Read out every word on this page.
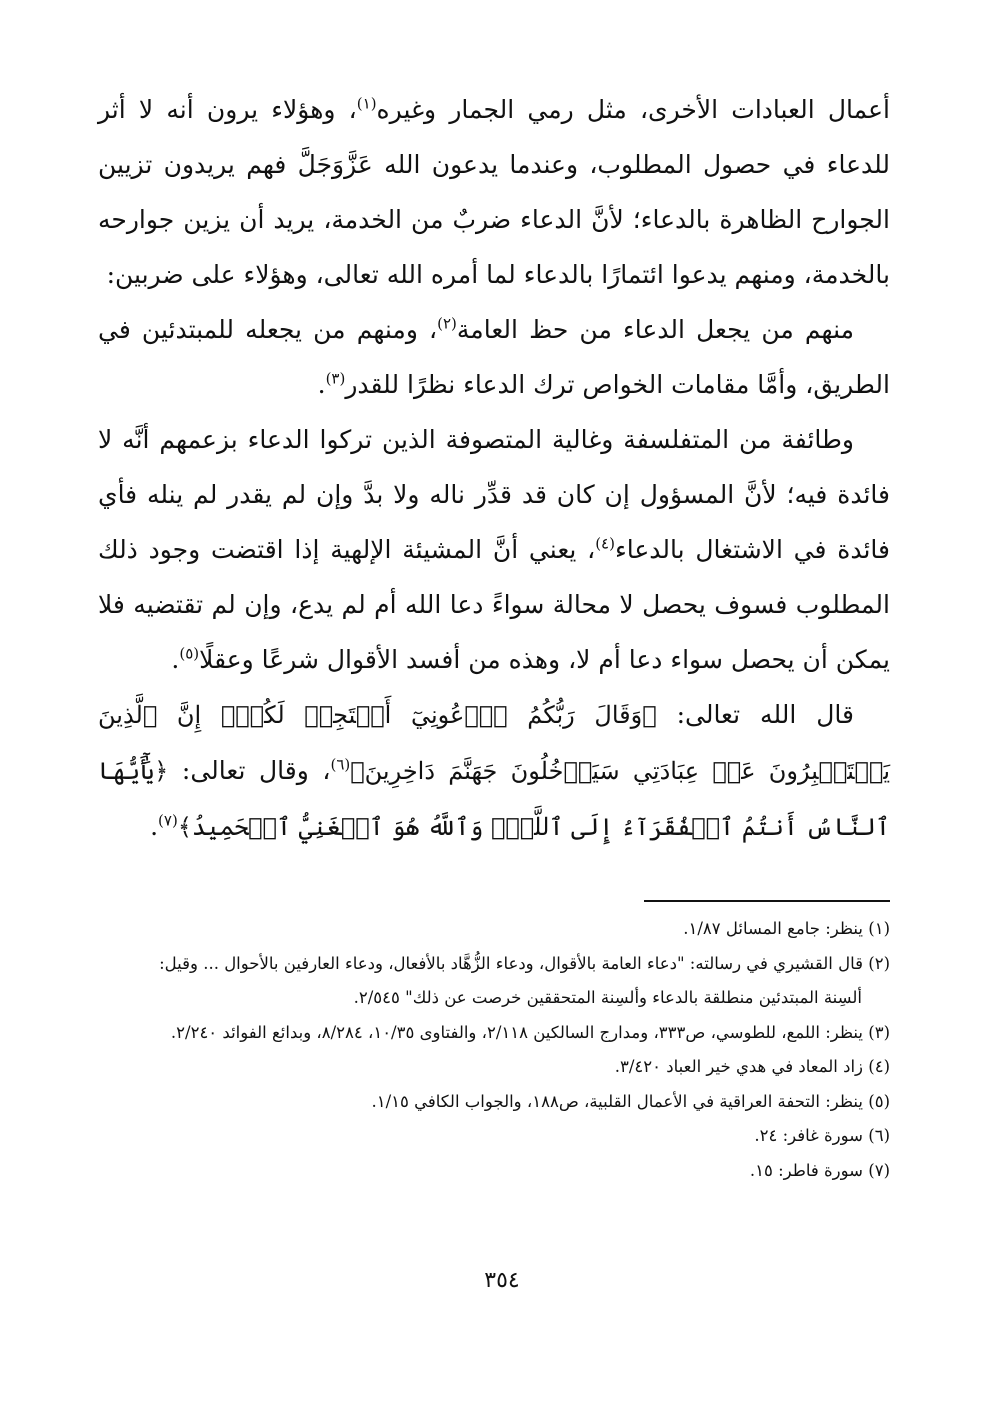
أعمال العبادات الأخرى، مثل رمي الجمار وغيره$^{(١)}$، وهؤلاء يرون أنه لا أثر للدعاء في حصول المطلوب، وعندما يدعون الله عَزَّوَجَلَّ فهم يريدون تزيين الجوارح الظاهرة بالدعاء؛ لأنَّ الدعاء ضربٌ من الخدمة، يريد أن يزين جوارحه بالخدمة، ومنهم يدعوا ائتمارًا بالدعاء لما أمره الله تعالى، وهؤلاء على ضربين:

منهم من يجعل الدعاء من حظ العامة$^{(٢)}$، ومنهم من يجعله للمبتدئين في الطريق، وأمَّا مقامات الخواص ترك الدعاء نظرًا للقدر$^{(٣)}$.

وطائفة من المتفلسفة وغالية المتصوفة الذين تركوا الدعاء بزعمهم أنَّه لا فائدة فيه؛ لأنَّ المسؤول إن كان قد قدِّر ناله ولا بدَّ وإن لم يقدر لم ينله فأي فائدة في الاشتغال بالدعاء$^{(٤)}$، يعني أنَّ المشيئة الإلهية إذا اقتضت وجود ذلك المطلوب فسوف يحصل لا محالة سواءً دعا الله أم لم يدع، وإن لم تقتضيه فلا يمكن أن يحصل سواء دعا أم لا، وهذه من أفسد الأقوال شرعًا وعقلًا$^{(٥)}$.

قال الله تعالى: ﴿وَقَالَ رَبُّكُمُ ٱدۡعُونِيٓ أَسۡتَجِبۡ لَكُمۡۚ إِنَّ ٱلَّذِينَ يَسۡتَكۡبِرُونَ عَنۡ عِبَادَتِي سَيَدۡخُلُونَ جَهَنَّمَ دَاخِرِينَ﴾$^{(٦)}$، وقال تعالى: ﴿يَٰٓأَيُّهَا ٱلنَّاسُ أَنتُمُ ٱلۡفُقَرَآءُ إِلَى ٱللَّهِۖ وَٱللَّهُ هُوَ ٱلۡغَنِيُّ ٱلۡحَمِيدُ﴾$^{(٧)}$.

(١) ينظر: جامع المسائل ١/٨٧.

(٢) قال القشيري في رسالته: "دعاء العامة بالأقوال، ودعاء الزُّهَّاد بالأفعال، ودعاء العارفين بالأحوال ... وقيل:

ألسِنة المبتدئين منطلقة بالدعاء وألسِنة المتحققين خرصت عن ذلك" ٢/٥٤٥.

(٣) ينظر: اللمع، للطوسي، ص٣٣٣، ومدارج السالكين ٢/١١٨، والفتاوى ١٠/٣٥، ٨/٢٨٤، وبدائع الفوائد ٢/٢٤٠.

(٤) زاد المعاد في هدي خير العباد ٣/٤٢٠.

(٥) ينظر: التحفة العراقية في الأعمال القلبية، ص١٨٨، والجواب الكافي ١/١٥.

(٦) سورة غافر: ٢٤.

(٧) سورة فاطر: ١٥.

٣٥٤
